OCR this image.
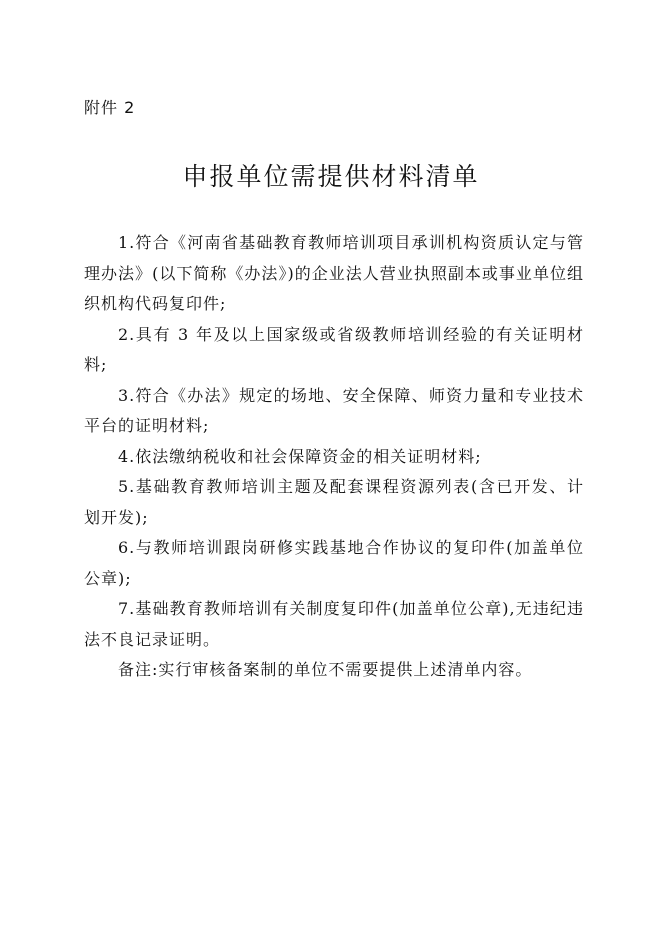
附件 2
申报单位需提供材料清单

1.符合《河南省基础教育教师培训项目承训机构资质认定与管理办法》(以下简称《办法》)的企业法人营业执照副本或事业单位组织机构代码复印件;

2.具有 3 年及以上国家级或省级教师培训经验的有关证明材料;

3.符合《办法》规定的场地、安全保障、师资力量和专业技术平台的证明材料;

4.依法缴纳税收和社会保障资金的相关证明材料;

5.基础教育教师培训主题及配套课程资源列表(含已开发、计划开发);

6.与教师培训跟岗研修实践基地合作协议的复印件(加盖单位公章);

7.基础教育教师培训有关制度复印件(加盖单位公章),无违纪违法不良记录证明。

备注:实行审核备案制的单位不需要提供上述清单内容。
